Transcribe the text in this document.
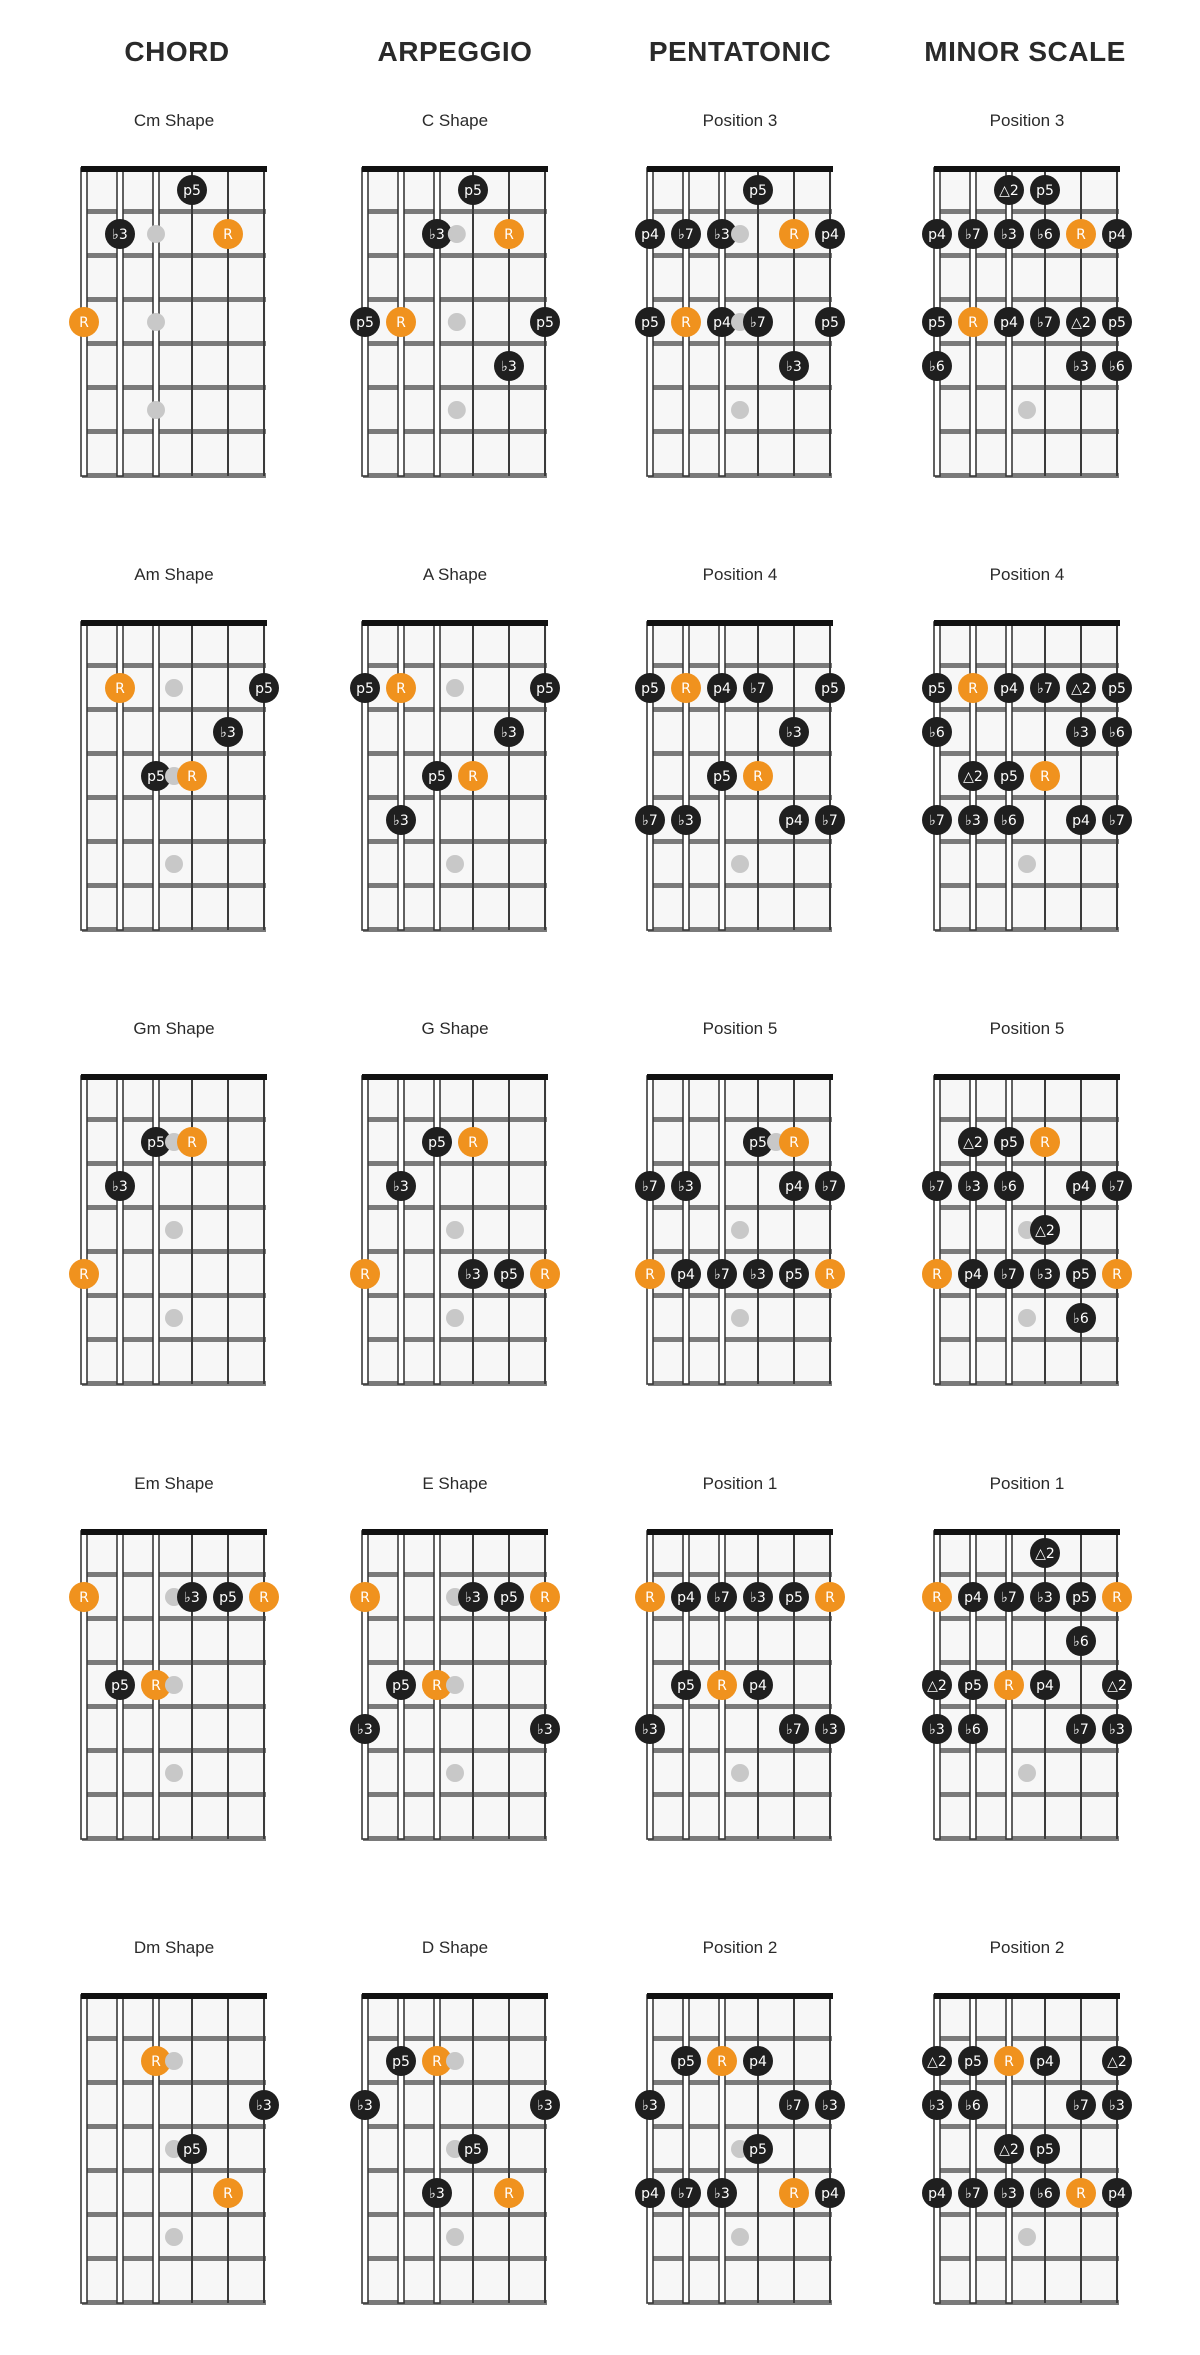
CHORD	ARPEGGIO	PENTATONIC	MINOR SCALE
Cm Shape
p5
♭3	R
R
C Shape
p5
♭3	R
p5 R	p5
♭3
Position 3
p5
p4 ♭7 ♭3	R p4
p5 R p4 ♭7	p5
♭3
Position 3
△2 p5
p4 ♭7 ♭3 ♭6 R p4
p5 R p4 ♭7 △2 p5
♭6	♭3 ♭6
Am Shape
R	p5
♭3
p5 R
A Shape
p5 R	p5
♭3
p5 R
♭3
Position 4
p5 R p4 ♭7	p5
♭3
p5 R
♭7 ♭3	p4 ♭7
Position 4
p5 R p4 ♭7 △2 p5
♭6	♭3 ♭6
△2 p5 R
♭7 ♭3 ♭6	p4 ♭7
Gm Shape
p5 R
♭3
R
G Shape
p5 R
♭3
R	♭3 p5 R
Position 5
p5 R
♭7 ♭3	p4 ♭7
R p4 ♭7 ♭3 p5 R
Position 5
△2 p5 R
♭7 ♭3 ♭6	p4 ♭7
△2
R p4 ♭7 ♭3 p5 R
♭6
Em Shape
R	♭3 p5 R
p5 R
E Shape
R	♭3 p5 R
p5 R
♭3	♭3
Position 1
R p4 ♭7 ♭3 p5 R
p5 R p4
♭3	♭7 ♭3
Position 1
△2
R p4 ♭7 ♭3 p5 R
♭6
△2 p5 R p4	△2
♭3 ♭6	♭7 ♭3
Dm Shape
R
♭3
p5
R
D Shape
p5 R
♭3	♭3
p5
♭3	R
Position 2
p5 R p4
♭3	♭7 ♭3
p5
p4 ♭7 ♭3	R p4
Position 2
△2 p5 R p4	△2
♭3 ♭6	♭7 ♭3
△2 p5
p4 ♭7 ♭3 ♭6 R p4
